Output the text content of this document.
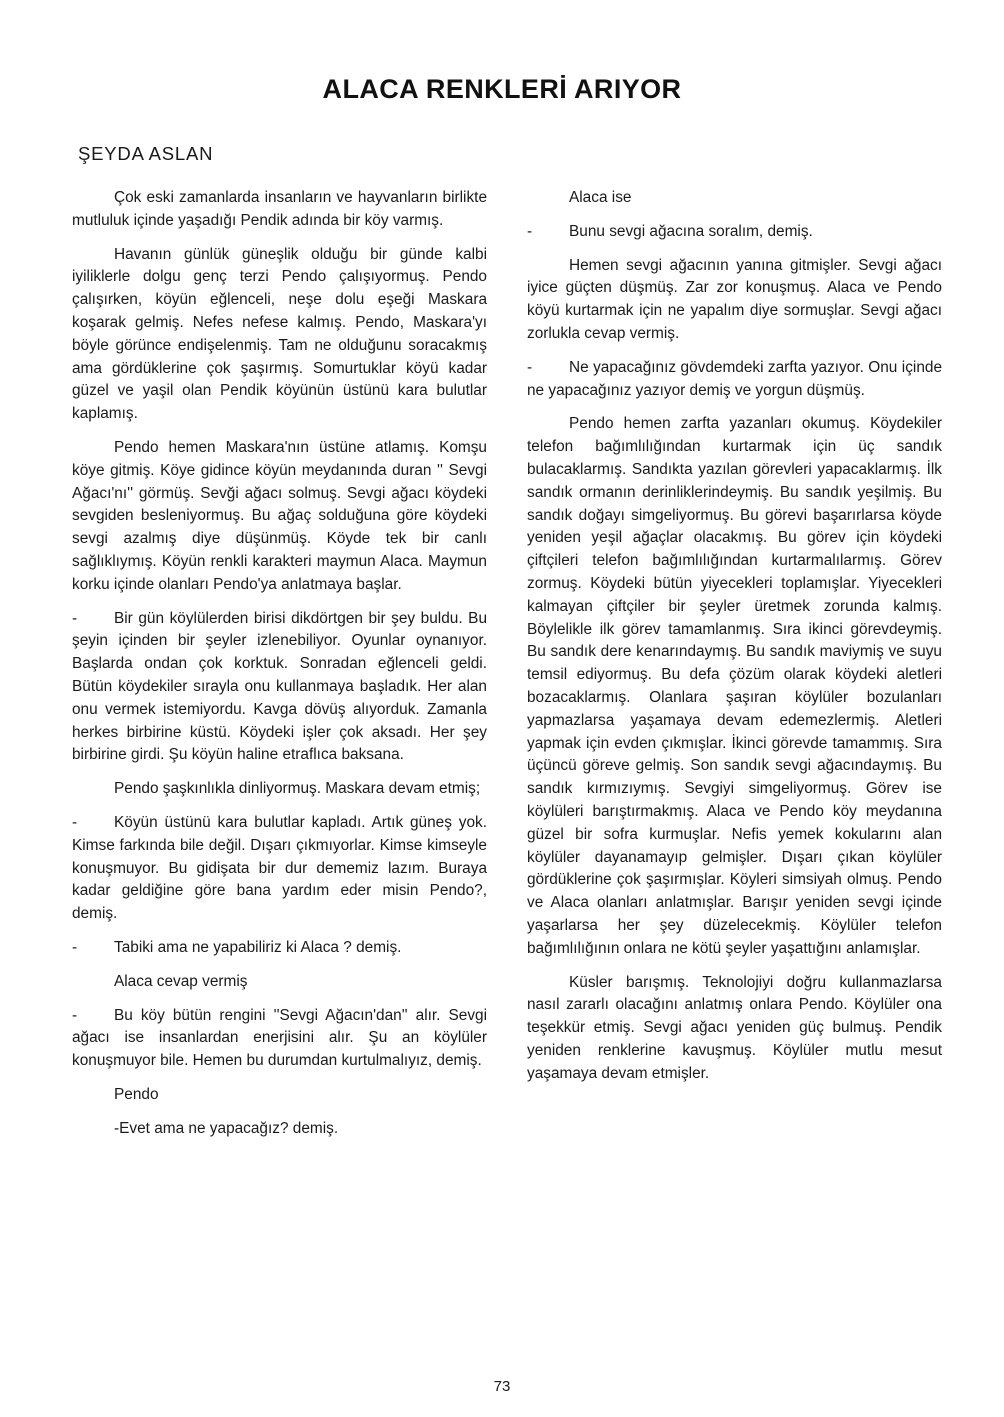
ALACA RENKLERİ ARIYOR
ŞEYDA ASLAN

Çok eski zamanlarda insanların ve hayvanların birlikte mutluluk içinde yaşadığı Pendik adında bir köy varmış.

Havanın günlük güneşlik olduğu bir günde kalbi iyiliklerle dolgu genç terzi Pendo çalışıyormuş. Pendo çalışırken, köyün eğlenceli, neşe dolu eşeği Maskara koşarak gelmiş. Nefes nefese kalmış. Pendo, Maskara'yı böyle görünce endişelenmiş. Tam ne olduğunu soracakmış ama gördüklerine çok şaşırmış. Somurtuklar köyü kadar güzel ve yaşil olan Pendik köyünün üstünü kara bulutlar kaplamış.

Pendo hemen Maskara'nın üstüne atlamış. Komşu köye gitmiş. Köye gidince köyün meydanında duran '' Sevgi Ağacı'nı'' görmüş. Sevği ağacı solmuş. Sevgi ağacı köydeki sevgiden besleniyormuş. Bu ağaç solduğuna göre köydeki sevgi azalmış diye düşünmüş. Köyde tek bir canlı sağlıklıymış. Köyün renkli karakteri maymun Alaca. Maymun korku içinde olanları Pendo'ya anlatmaya başlar.

- Bir gün köylülerden birisi dikdörtgen bir şey buldu. Bu şeyin içinden bir şeyler izlenebiliyor. Oyunlar oynanıyor. Başlarda ondan çok korktuk. Sonradan eğlenceli geldi. Bütün köydekiler sırayla onu kullanmaya başladık. Her alan onu vermek istemiyordu. Kavga dövüş alıyorduk. Zamanla herkes birbirine küstü. Köydeki işler çok aksadı. Her şey birbirine girdi. Şu köyün haline etraflıca baksana.

Pendo şaşkınlıkla dinliyormuş. Maskara devam etmiş;

- Köyün üstünü kara bulutlar kapladı. Artık güneş yok. Kimse farkında bile değil. Dışarı çıkmıyorlar. Kimse kimseyle konuşmuyor. Bu gidişata bir dur dememiz lazım. Buraya kadar geldiğine göre bana yardım eder misin Pendo?, demiş.

- Tabiki ama ne yapabiliriz ki Alaca ? demiş.

Alaca cevap vermiş

- Bu köy bütün rengini ''Sevgi Ağacın'dan'' alır. Sevgi ağacı ise insanlardan enerjisini alır. Şu an köylüler konuşmuyor bile. Hemen bu durumdan kurtulmalıyız, demiş.

Pendo

-Evet ama ne yapacağız? demiş.

Alaca ise

- Bunu sevgi ağacına soralım, demiş.

Hemen sevgi ağacının yanına gitmişler. Sevgi ağacı iyice güçten düşmüş. Zar zor konuşmuş. Alaca ve Pendo köyü kurtarmak için ne yapalım diye sormuşlar. Sevgi ağacı zorlukla cevap vermiş.

- Ne yapacağınız gövdemdeki zarfta yazıyor. Onu içinde ne yapacağınız yazıyor demiş ve yorgun düşmüş.

Pendo hemen zarfta yazanları okumuş. Köydekiler telefon bağımlılığından kurtarmak için üç sandık bulacaklarmış. Sandıkta yazılan görevleri yapacaklarmış. İlk sandık ormanın derinliklerindeymiş. Bu sandık yeşilmiş. Bu sandık doğayı simgeliyormuş. Bu görevi başarırlarsa köyde yeniden yeşil ağaçlar olacakmış. Bu görev için köydeki çiftçileri telefon bağımlılığından kurtarmalılarmış. Görev zormuş. Köydeki bütün yiyecekleri toplamışlar. Yiyecekleri kalmayan çiftçiler bir şeyler üretmek zorunda kalmış. Böylelikle ilk görev tamamlanmış. Sıra ikinci görevdeymiş. Bu sandık dere kenarındaymış. Bu sandık maviymiş ve suyu temsil ediyormuş. Bu defa çözüm olarak köydeki aletleri bozacaklarmış. Olanlara şaşıran köylüler bozulanları yapmazlarsa yaşamaya devam edemezlermiş. Aletleri yapmak için evden çıkmışlar. İkinci görevde tamammış. Sıra üçüncü göreve gelmiş. Son sandık sevgi ağacındaymış. Bu sandık kırmızıymış. Sevgiyi simgeliyormuş. Görev ise köylüleri barıştırmakmış. Alaca ve Pendo köy meydanına güzel bir sofra kurmuşlar. Nefis yemek kokularını alan köylüler dayanamayıp gelmişler. Dışarı çıkan köylüler gördüklerine çok şaşırmışlar. Köyleri simsiyah olmuş. Pendo ve Alaca olanları anlatmışlar. Barışır yeniden sevgi içinde yaşarlarsa her şey düzelecekmiş. Köylüler telefon bağımlılığının onlara ne kötü şeyler yaşattığını anlamışlar.

Küsler barışmış. Teknolojiyi doğru kullanmazlarsa nasıl zararlı olacağını anlatmış onlara Pendo. Köylüler ona teşekkür etmiş. Sevgi ağacı yeniden güç bulmuş. Pendik yeniden renklerine kavuşmuş. Köylüler mutlu mesut yaşamaya devam etmişler.

73
